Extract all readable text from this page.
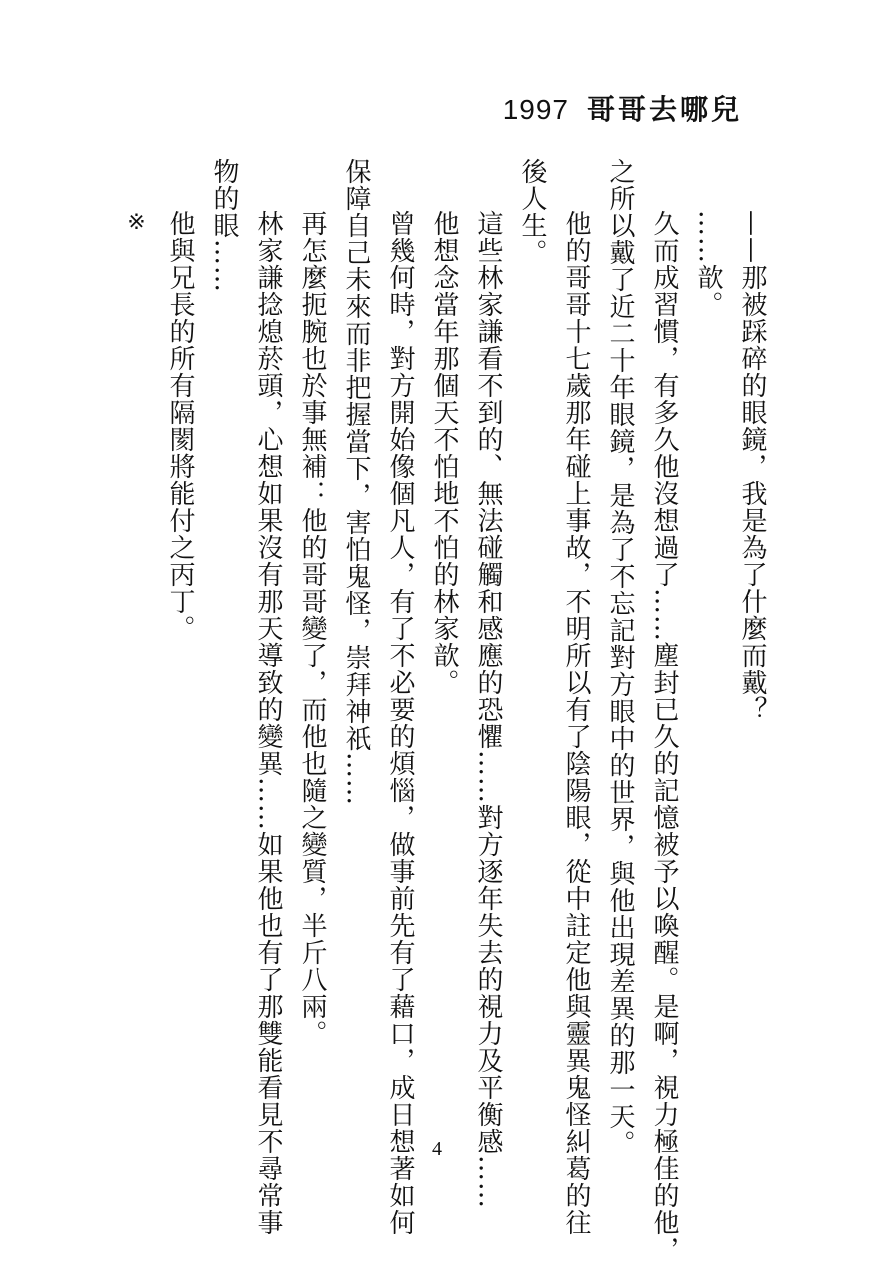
1997 哥哥去哪兒

——那被踩碎的眼鏡，我是為了什麼而戴？

……歆。

久而成習慣，有多久他沒想過了……塵封已久的記憶被予以喚醒。是啊，視力極佳的他，

之所以戴了近二十年眼鏡，是為了不忘記對方眼中的世界，與他出現差異的那一天。

他的哥哥十七歲那年碰上事故，不明所以有了陰陽眼，從中註定他與靈異鬼怪糾葛的往

後人生。

這些林家謙看不到的、無法碰觸和感應的恐懼……對方逐年失去的視力及平衡感……

他想念當年那個天不怕地不怕的林家歆。

曾幾何時，對方開始像個凡人，有了不必要的煩惱，做事前先有了藉口，成日想著如何

保障自己未來而非把握當下，害怕鬼怪，崇拜神祇……

再怎麼扼腕也於事無補：他的哥哥變了，而他也隨之變質，半斤八兩。

林家謙捻熄菸頭，心想如果沒有那天導致的變異……如果他也有了那雙能看見不尋常事

物的眼……

他與兄長的所有隔閡將能付之丙丁。

※

4
